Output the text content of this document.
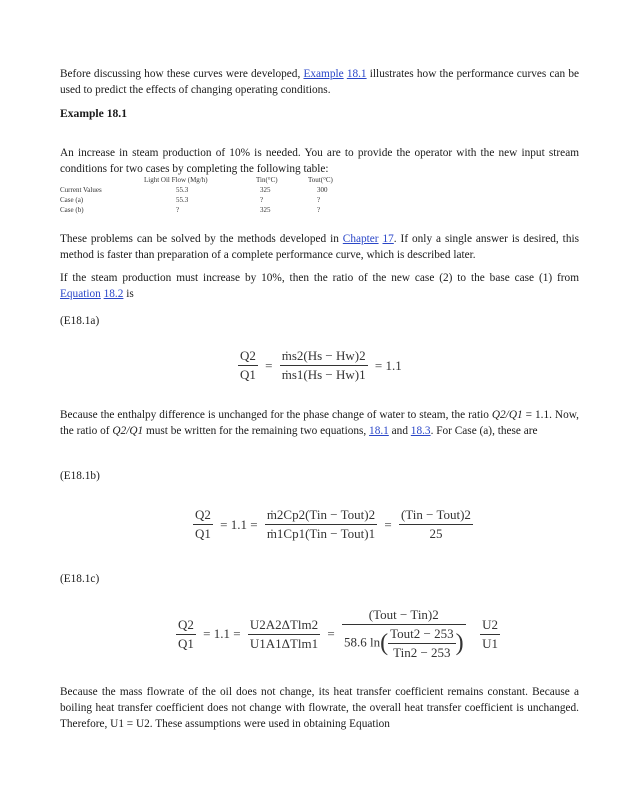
Before discussing how these curves were developed, Example 18.1 illustrates how the performance curves can be used to predict the effects of changing operating conditions.

Example 18.1

An increase in steam production of 10% is needed. You are to provide the operator with the new input stream conditions for two cases by completing the following table:

Light Oil Flow (Mg/h)	Tin(°C)	Tout(°C)
Current Values	55.3	325	300
Case (a)	55.3	?	?
Case (b)	?	325	?

These problems can be solved by the methods developed in Chapter 17. If only a single answer is desired, this method is faster than preparation of a complete performance curve, which is described later.

If the steam production must increase by 10%, then the ratio of the new case (2) to the base case (1) from Equation 18.2 is

(E18.1a)

$\frac{Q2}{Q1} = \frac{\text{ṁs2(Hs − Hw)2}}{\text{ṁs1(Hs − Hw)1}} = 1.1$

Because the enthalpy difference is unchanged for the phase change of water to steam, the ratio Q2/Q1 = 1.1. Now, the ratio of Q2/Q1 must be written for the remaining two equations, 18.1 and 18.3. For Case (a), these are

(E18.1b)

$\frac{Q2}{Q1} = 1.1 = \frac{\text{ṁ2Cp2(Tin − Tout)2}}{\text{ṁ1Cp1(Tin − Tout)1}} = \frac{\text{(Tin − Tout)2}}{25}$

(E18.1c)

$\frac{Q2}{Q1} = 1.1 = \frac{\text{U2A2ΔTlm2}}{\text{U1A1ΔTlm1}} = \frac{\text{(Tout − Tin)2}}{58.6 \ln( \frac{\text{Tout2 − 253}}{\text{Tin2 − 253}} )}$
$\frac{U2}{U1}$

Because the mass flowrate of the oil does not change, its heat transfer coefficient remains constant. Because a boiling heat transfer coefficient does not change with flowrate, the overall heat transfer coefficient is unchanged. Therefore, U1 = U2. These assumptions were used in obtaining Equation
